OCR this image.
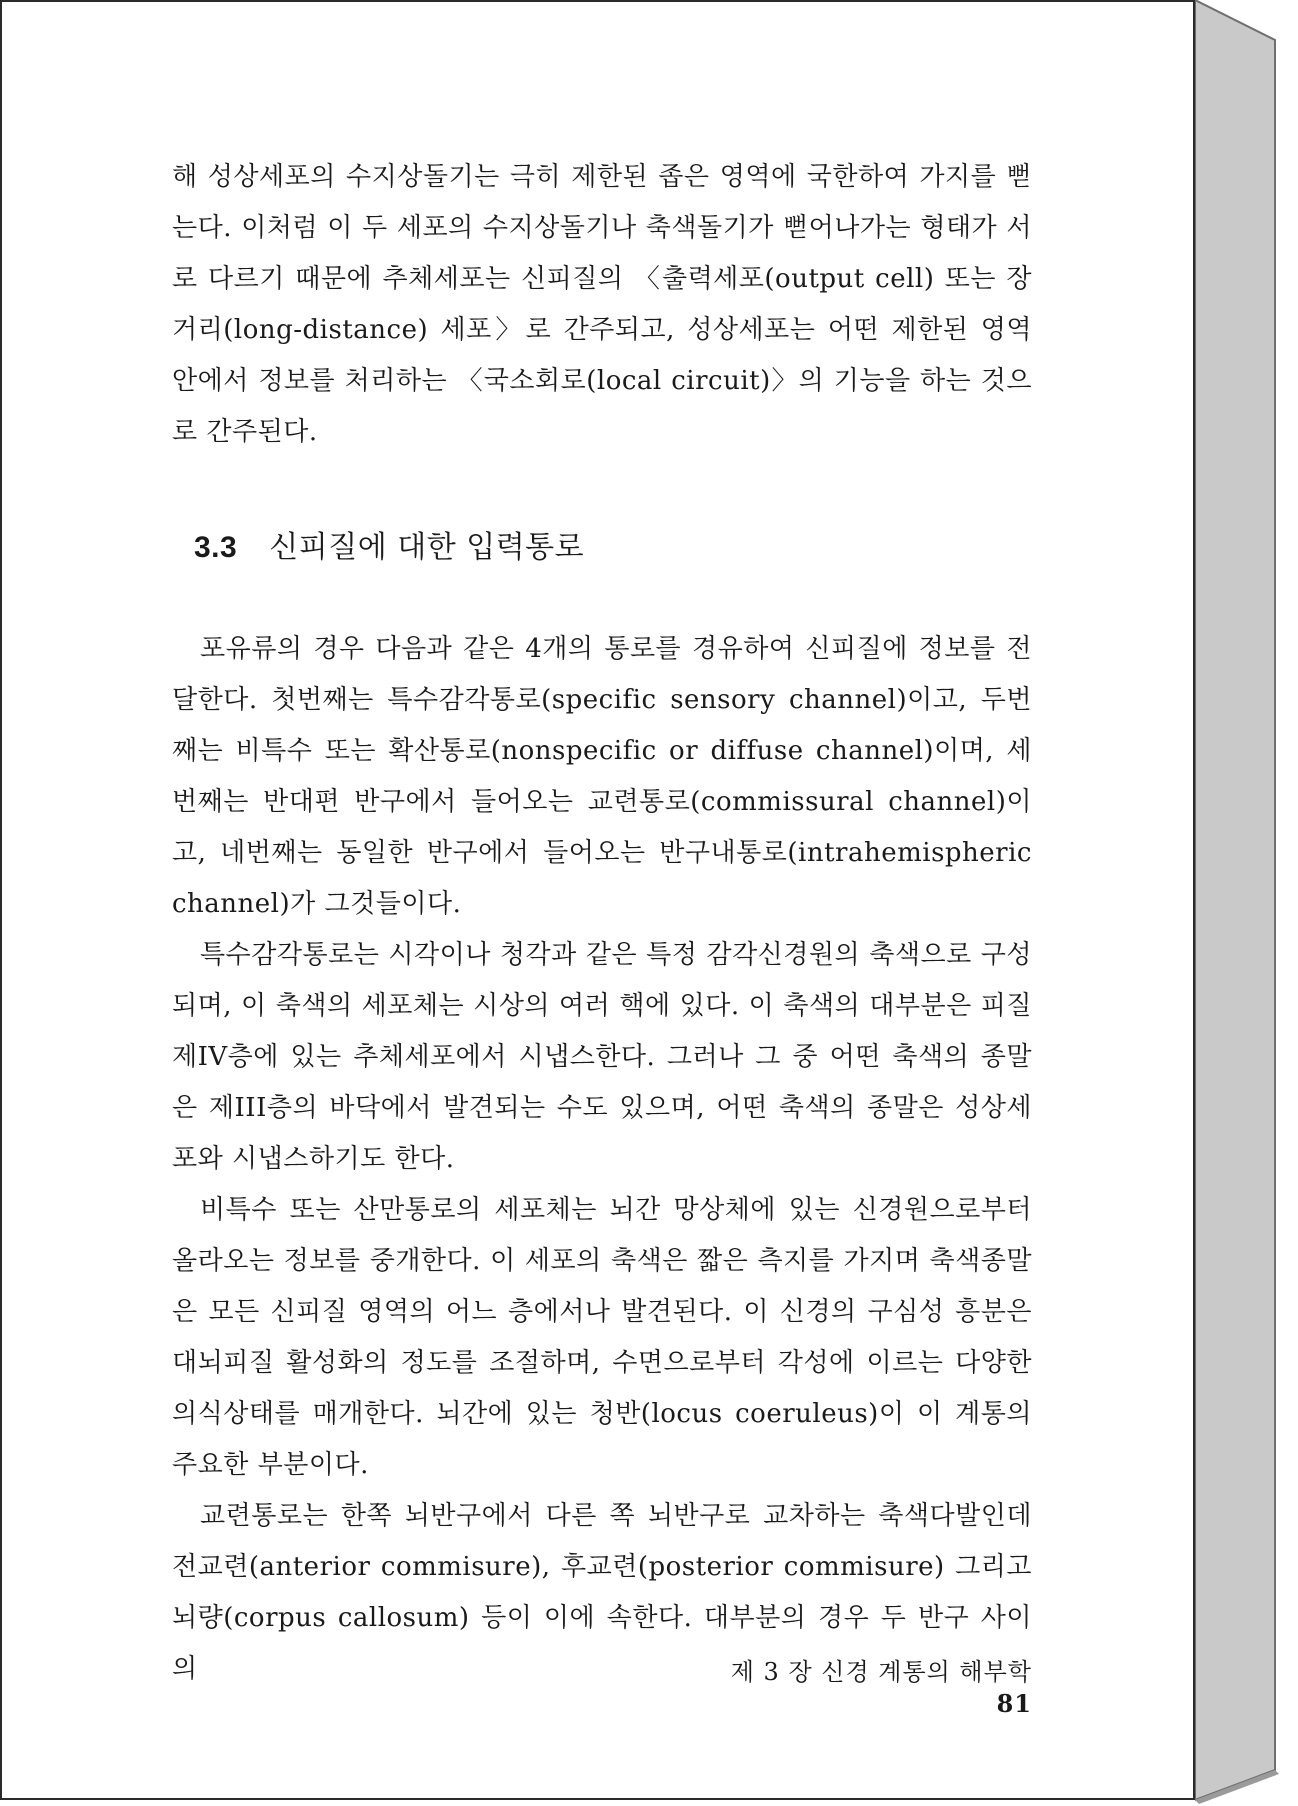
해 성상세포의 수지상돌기는 극히 제한된 좁은 영역에 국한하여 가지를 뻗는다. 이처럼 이 두 세포의 수지상돌기나 축색돌기가 뻗어나가는 형태가 서로 다르기 때문에 추체세포는 신피질의 〈출력세포(output cell) 또는 장거리(long-distance) 세포〉로 간주되고, 성상세포는 어떤 제한된 영역 안에서 정보를 처리하는 〈국소회로(local circuit)〉의 기능을 하는 것으로 간주된다.

3.3 신피질에 대한 입력통로

포유류의 경우 다음과 같은 4개의 통로를 경유하여 신피질에 정보를 전달한다. 첫번째는 특수감각통로(specific sensory channel)이고, 두번째는 비특수 또는 확산통로(nonspecific or diffuse channel)이며, 세번째는 반대편 반구에서 들어오는 교련통로(commissural channel)이고, 네번째는 동일한 반구에서 들어오는 반구내통로(intrahemispheric channel)가 그것들이다.

특수감각통로는 시각이나 청각과 같은 특정 감각신경원의 축색으로 구성되며, 이 축색의 세포체는 시상의 여러 핵에 있다. 이 축색의 대부분은 피질 제IV층에 있는 추체세포에서 시냅스한다. 그러나 그 중 어떤 축색의 종말은 제III층의 바닥에서 발견되는 수도 있으며, 어떤 축색의 종말은 성상세포와 시냅스하기도 한다.

비특수 또는 산만통로의 세포체는 뇌간 망상체에 있는 신경원으로부터 올라오는 정보를 중개한다. 이 세포의 축색은 짧은 측지를 가지며 축색종말은 모든 신피질 영역의 어느 층에서나 발견된다. 이 신경의 구심성 흥분은 대뇌피질 활성화의 정도를 조절하며, 수면으로부터 각성에 이르는 다양한 의식상태를 매개한다. 뇌간에 있는 청반(locus coeruleus)이 이 계통의 주요한 부분이다.

교련통로는 한쪽 뇌반구에서 다른 쪽 뇌반구로 교차하는 축색다발인데 전교련(anterior commisure), 후교련(posterior commisure) 그리고 뇌량(corpus callosum) 등이 이에 속한다. 대부분의 경우 두 반구 사이의	제 3 장 신경 계통의 해부학 81
